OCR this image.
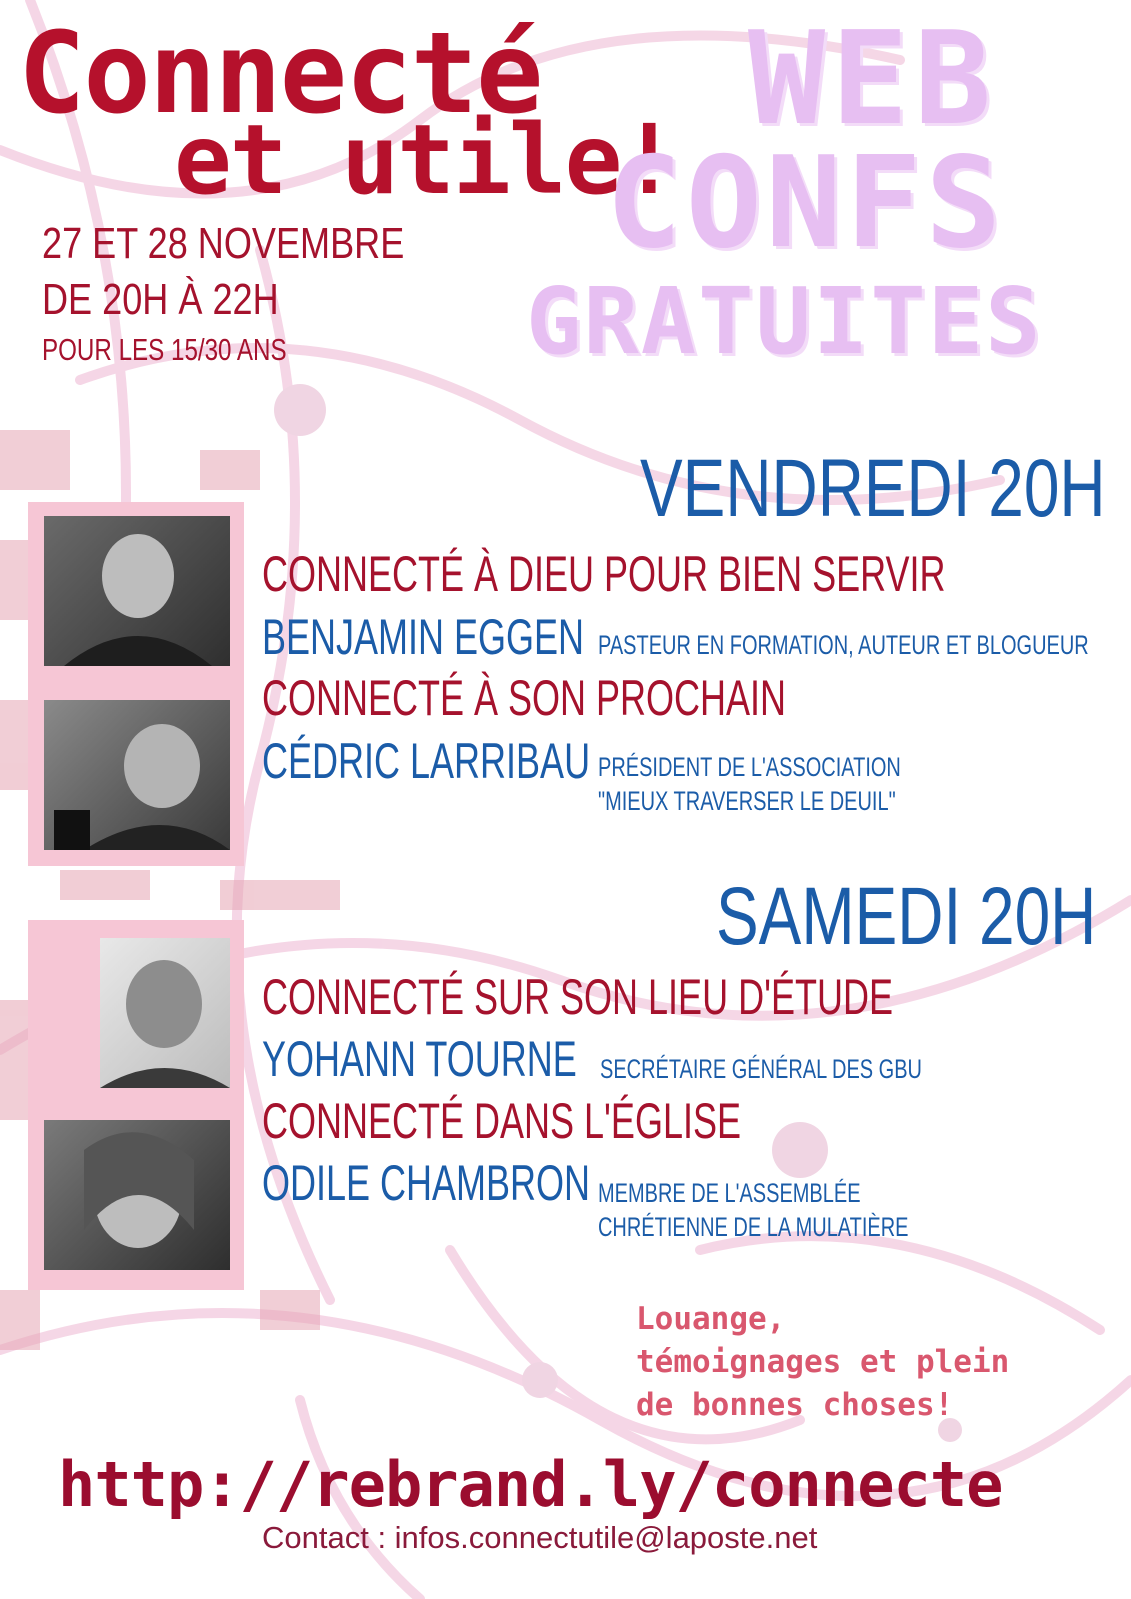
Connecté
et utile!
27 ET 28 NOVEMBRE
DE 20H À 22H
POUR LES 15/30 ANS
WEB
CONFS
GRATUITES
VENDREDI 20H
CONNECTÉ À DIEU POUR BIEN SERVIR
BENJAMIN EGGEN PASTEUR EN FORMATION, AUTEUR ET BLOGUEUR
CONNECTÉ À SON PROCHAIN
CÉDRIC LARRIBAU PRÉSIDENT DE L'ASSOCIATION
"MIEUX TRAVERSER LE DEUIL"
SAMEDI 20H
CONNECTÉ SUR SON LIEU D'ÉTUDE
YOHANN TOURNE SECRÉTAIRE GÉNÉRAL DES GBU
CONNECTÉ DANS L'ÉGLISE
ODILE CHAMBRON MEMBRE DE L'ASSEMBLÉE
CHRÉTIENNE DE LA MULATIÈRE
Louange,
témoignages et plein
de bonnes choses!
http://rebrand.ly/connecte
Contact : infos.connectutile@laposte.net
